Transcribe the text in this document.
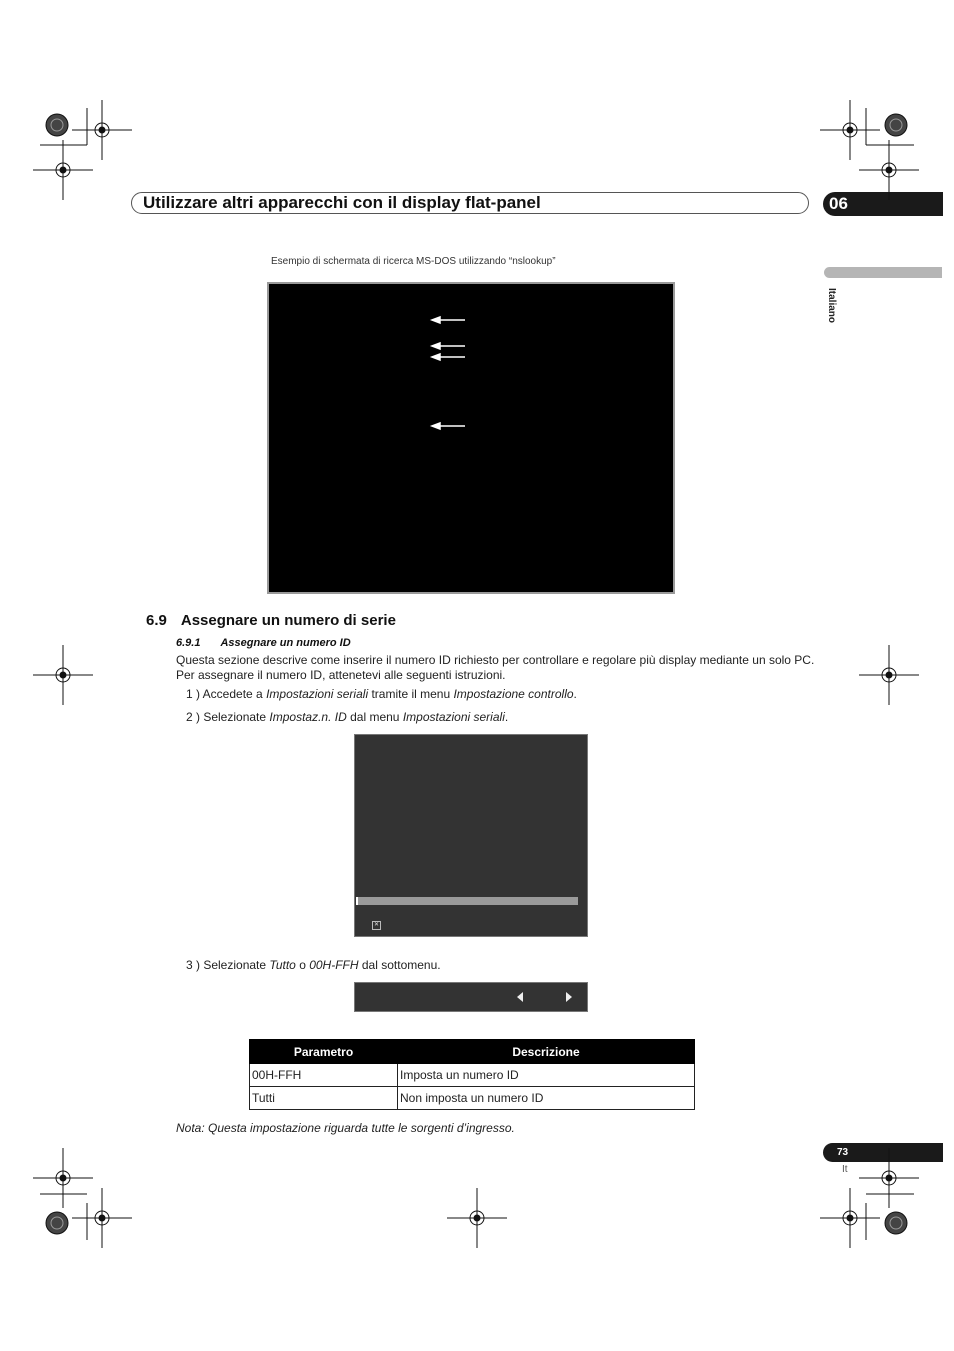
Utilizzare altri apparecchi con il display flat-panel	06
Italiano
Esempio di schermata di ricerca MS-DOS utilizzando “nslookup”
6.9 Assegnare un numero di serie
6.9.1 Assegnare un numero ID
Questa sezione descrive come inserire il numero ID richiesto per controllare e regolare più display mediante un solo PC. Per assegnare il numero ID, attenetevi alle seguenti istruzioni.
1 ) Accedete a Impostazioni seriali tramite il menu Impostazione controllo.
2 ) Selezionate Impostaz.n. ID dal menu Impostazioni seriali.
✕
3 ) Selezionate Tutto o 00H-FFH dal sottomenu.
Parametro	Descrizione
00H-FFH	Imposta un numero ID
Tutti	Non imposta un numero ID
Nota: Questa impostazione riguarda tutte le sorgenti d’ingresso.
73
It
